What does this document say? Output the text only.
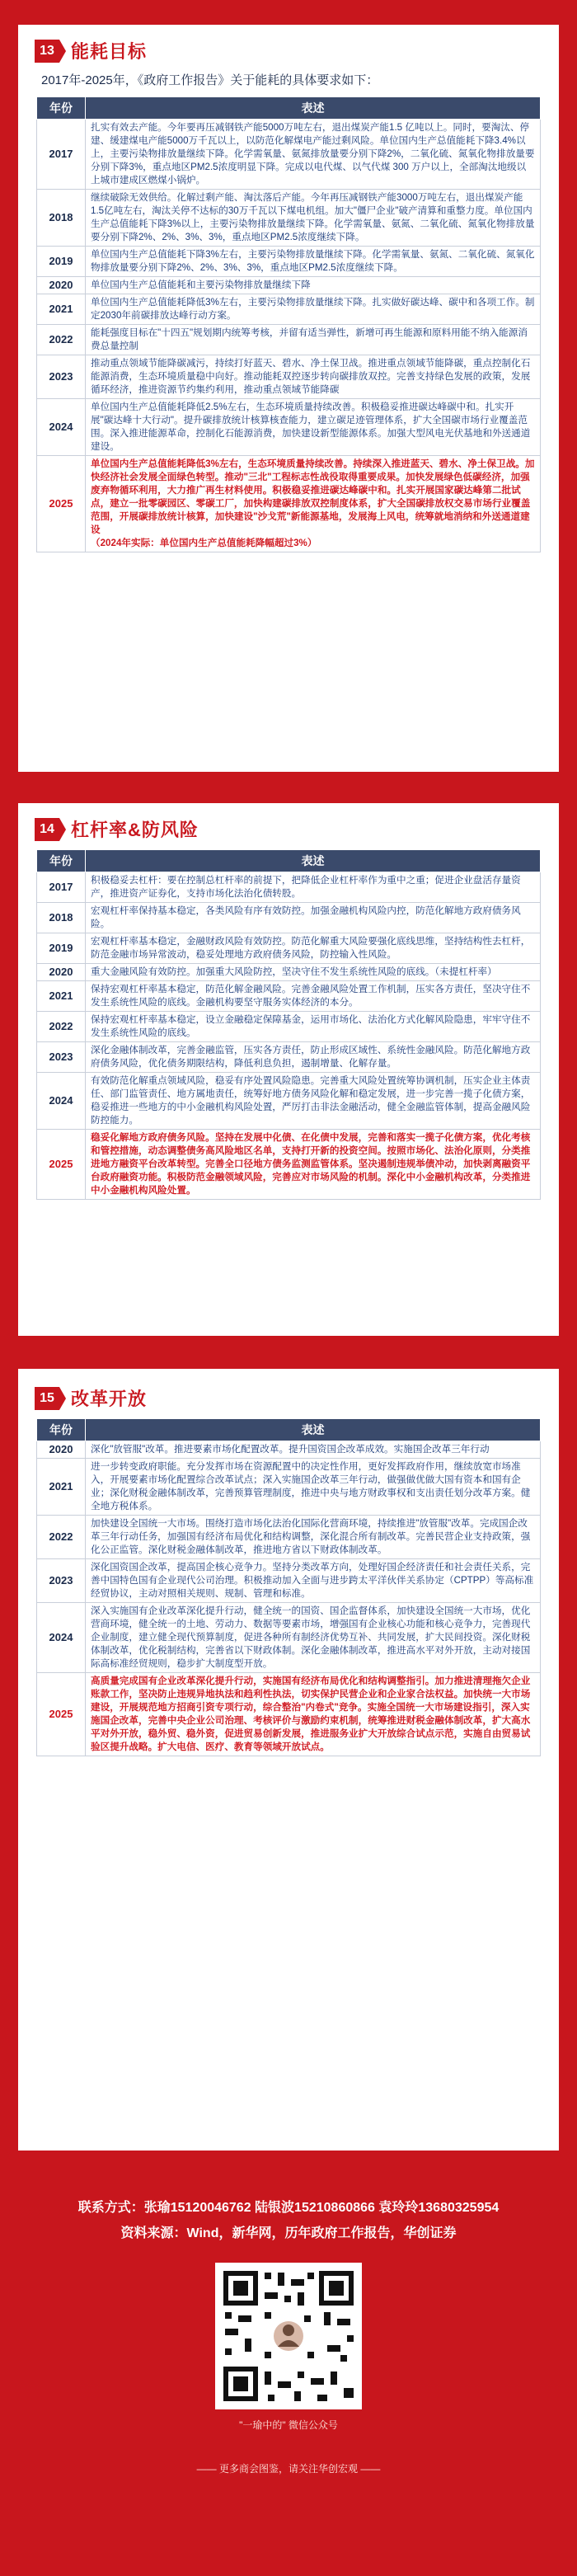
13 能耗目标
2017年-2025年，《政府工作报告》关于能耗的具体要求如下：
年份	表述
2017	扎实有效去产能。今年要再压减钢铁产能5000万吨左右，退出煤炭产能1.5 亿吨以上。同时，要淘汰、停建、缓建煤电产能5000万千瓦以上，以防范化解煤电产能过剩风险。单位国内生产总值能耗下降3.4%以上，主要污染物排放量继续下降。化学需氧量、氨氮排放量要分别下降2%，二氧化硫、氮氧化物排放量要分别下降3%，重点地区PM2.5浓度明显下降。完成以电代煤、以气代煤 300 万户以上，全部淘汰地级以上城市建成区燃煤小锅炉。
2018	继续破除无效供给。化解过剩产能、淘汰落后产能。今年再压减钢铁产能3000万吨左右，退出煤炭产能1.5亿吨左右，淘汰关停不达标的30万千瓦以下煤电机组。加大"僵尸企业"破产清算和重整力度。单位国内生产总值能耗下降3%以上，主要污染物排放量继续下降。化学需氧量、氨氮、二氧化硫、氮氧化物排放量要分别下降2%、2%、3%、3%，重点地区PM2.5浓度继续下降。
2019	单位国内生产总值能耗下降3%左右，主要污染物排放量继续下降。化学需氧量、氨氮、二氧化硫、氮氧化物排放量要分别下降2%、2%、3%、3%，重点地区PM2.5浓度继续下降。
2020	单位国内生产总值能耗和主要污染物排放量继续下降
2021	单位国内生产总值能耗降低3%左右，主要污染物排放量继续下降。扎实做好碳达峰、碳中和各项工作。制定2030年前碳排放达峰行动方案。
2022	能耗强度目标在"十四五"规划期内统筹考核，并留有适当弹性，新增可再生能源和原料用能不纳入能源消费总量控制
2023	推动重点领域节能降碳减污，持续打好蓝天、碧水、净土保卫战。推进重点领域节能降碳，重点控制化石能源消费，生态环境质量稳中向好。推动能耗双控逐步转向碳排放双控。完善支持绿色发展的政策，发展循环经济，推进资源节约集约利用，推动重点领域节能降碳
2024	单位国内生产总值能耗降低2.5%左右，生态环境质量持续改善。积极稳妥推进碳达峰碳中和。扎实开展"碳达峰十大行动"。提升碳排放统计核算核查能力，建立碳足迹管理体系，扩大全国碳市场行业覆盖范围。深入推进能源革命，控制化石能源消费，加快建设新型能源体系。加强大型风电光伏基地和外送通道建设。
2025	单位国内生产总值能耗降低3%左右，生态环境质量持续改善。持续深入推进蓝天、碧水、净土保卫战。加快经济社会发展全面绿色转型。推动"三北"工程标志性战役取得重要成果。加快发展绿色低碳经济，加强废弃物循环利用，大力推广再生材料使用。积极稳妥推进碳达峰碳中和。扎实开展国家碳达峰第二批试点，建立一批零碳园区、零碳工厂，加快构建碳排放双控制度体系，扩大全国碳排放权交易市场行业覆盖范围，开展碳排放统计核算，加快建设"沙戈荒"新能源基地，发展海上风电，统筹就地消纳和外送通道建设
（2024年实际：单位国内生产总值能耗降幅超过3%）
14 杠杆率&防风险
年份	表述
2017	积极稳妥去杠杆：要在控制总杠杆率的前提下，把降低企业杠杆率作为重中之重；促进企业盘活存量资产，推进资产证券化，支持市场化法治化债转股。
2018	宏观杠杆率保持基本稳定，各类风险有序有效防控。加强金融机构风险内控，防范化解地方政府债务风险。
2019	宏观杠杆率基本稳定，金融财政风险有效防控。防范化解重大风险要强化底线思维，坚持结构性去杠杆，防范金融市场异常波动，稳妥处理地方政府债务风险，防控输入性风险。
2020	重大金融风险有效防控。加强重大风险防控，坚决守住不发生系统性风险的底线。（未提杠杆率）
2021	保持宏观杠杆率基本稳定，防范化解金融风险。完善金融风险处置工作机制，压实各方责任，坚决守住不发生系统性风险的底线。金融机构要坚守服务实体经济的本分。
2022	保持宏观杠杆率基本稳定，设立金融稳定保障基金，运用市场化、法治化方式化解风险隐患，牢牢守住不发生系统性风险的底线。
2023	深化金融体制改革，完善金融监管，压实各方责任，防止形成区域性、系统性金融风险。防范化解地方政府债务风险，优化债务期限结构，降低利息负担，遏制增量、化解存量。
2024	有效防范化解重点领域风险，稳妥有序处置风险隐患。完善重大风险处置统筹协调机制，压实企业主体责任、部门监管责任、地方属地责任，统筹好地方债务风险化解和稳定发展，进一步完善一揽子化债方案，稳妥推进一些地方的中小金融机构风险处置，严厉打击非法金融活动，健全金融监管体制，提高金融风险防控能力。
2025	稳妥化解地方政府债务风险。坚持在发展中化债、在化债中发展，完善和落实一揽子化债方案，优化考核和管控措施，动态调整债务高风险地区名单，支持打开新的投资空间。按照市场化、法治化原则，分类推进地方融资平台改革转型。完善全口径地方债务监测监管体系。坚决遏制违规举债冲动，加快剥离融资平台政府融资功能。积极防范金融领域风险，完善应对市场风险的机制。深化中小金融机构改革，分类推进中小金融机构风险处置。
15 改革开放
年份	表述
2020	深化"放管服"改革。推进要素市场化配置改革。提升国资国企改革成效。实施国企改革三年行动
2021	进一步转变政府职能。充分发挥市场在资源配置中的决定性作用，更好发挥政府作用，继续放宽市场准入，开展要素市场化配置综合改革试点；深入实施国企改革三年行动，做强做优做大国有资本和国有企业；深化财税金融体制改革，完善预算管理制度，推进中央与地方财政事权和支出责任划分改革方案。健全地方税体系。
2022	加快建设全国统一大市场。围绕打造市场化法治化国际化营商环境，持续推进"放管服"改革。完成国企改革三年行动任务，加强国有经济布局优化和结构调整，深化混合所有制改革。完善民营企业支持政策，强化公正监管。深化财税金融体制改革，推进地方省以下财政体制改革。
2023	深化国资国企改革，提高国企核心竞争力。坚持分类改革方向，处理好国企经济责任和社会责任关系，完善中国特色国有企业现代公司治理。积极推动加入全面与进步跨太平洋伙伴关系协定（CPTPP）等高标准经贸协议，主动对照相关规则、规制、管理和标准。
2024	深入实施国有企业改革深化提升行动，健全统一的国资、国企监督体系，加快建设全国统一大市场，优化营商环境，健全统一的土地、劳动力、数据等要素市场，增强国有企业核心功能和核心竞争力，完善现代企业制度，建立健全现代预算制度，促进各种所有制经济优势互补、共同发展，扩大民间投资。深化财税体制改革，优化税制结构，完善省以下财政体制。深化金融体制改革，推进高水平对外开放，主动对接国际高标准经贸规则，稳步扩大制度型开放。
2025	高质量完成国有企业改革深化提升行动，实施国有经济布局优化和结构调整指引。加力推进清理拖欠企业账款工作，坚决防止违规异地执法和趋利性执法，切实保护民营企业和企业家合法权益。加快统一大市场建设，开展规范地方招商引资专项行动，综合整治"内卷式"竞争。实施全国统一大市场建设指引，深入实施国企改革，完善中央企业公司治理、考核评价与激励约束机制，统筹推进财税金融体制改革，扩大高水平对外开放，稳外贸、稳外资，促进贸易创新发展，推进服务业扩大开放综合试点示范，实施自由贸易试验区提升战略。扩大电信、医疗、教育等领域开放试点。
联系方式：张瑜15120046762 陆银波15210860866 袁玲玲13680325954
资料来源：Wind，新华网，历年政府工作报告，华创证券
"一瑜中的" 微信公众号
—— 更多商会图鉴，请关注华创宏观 ——
